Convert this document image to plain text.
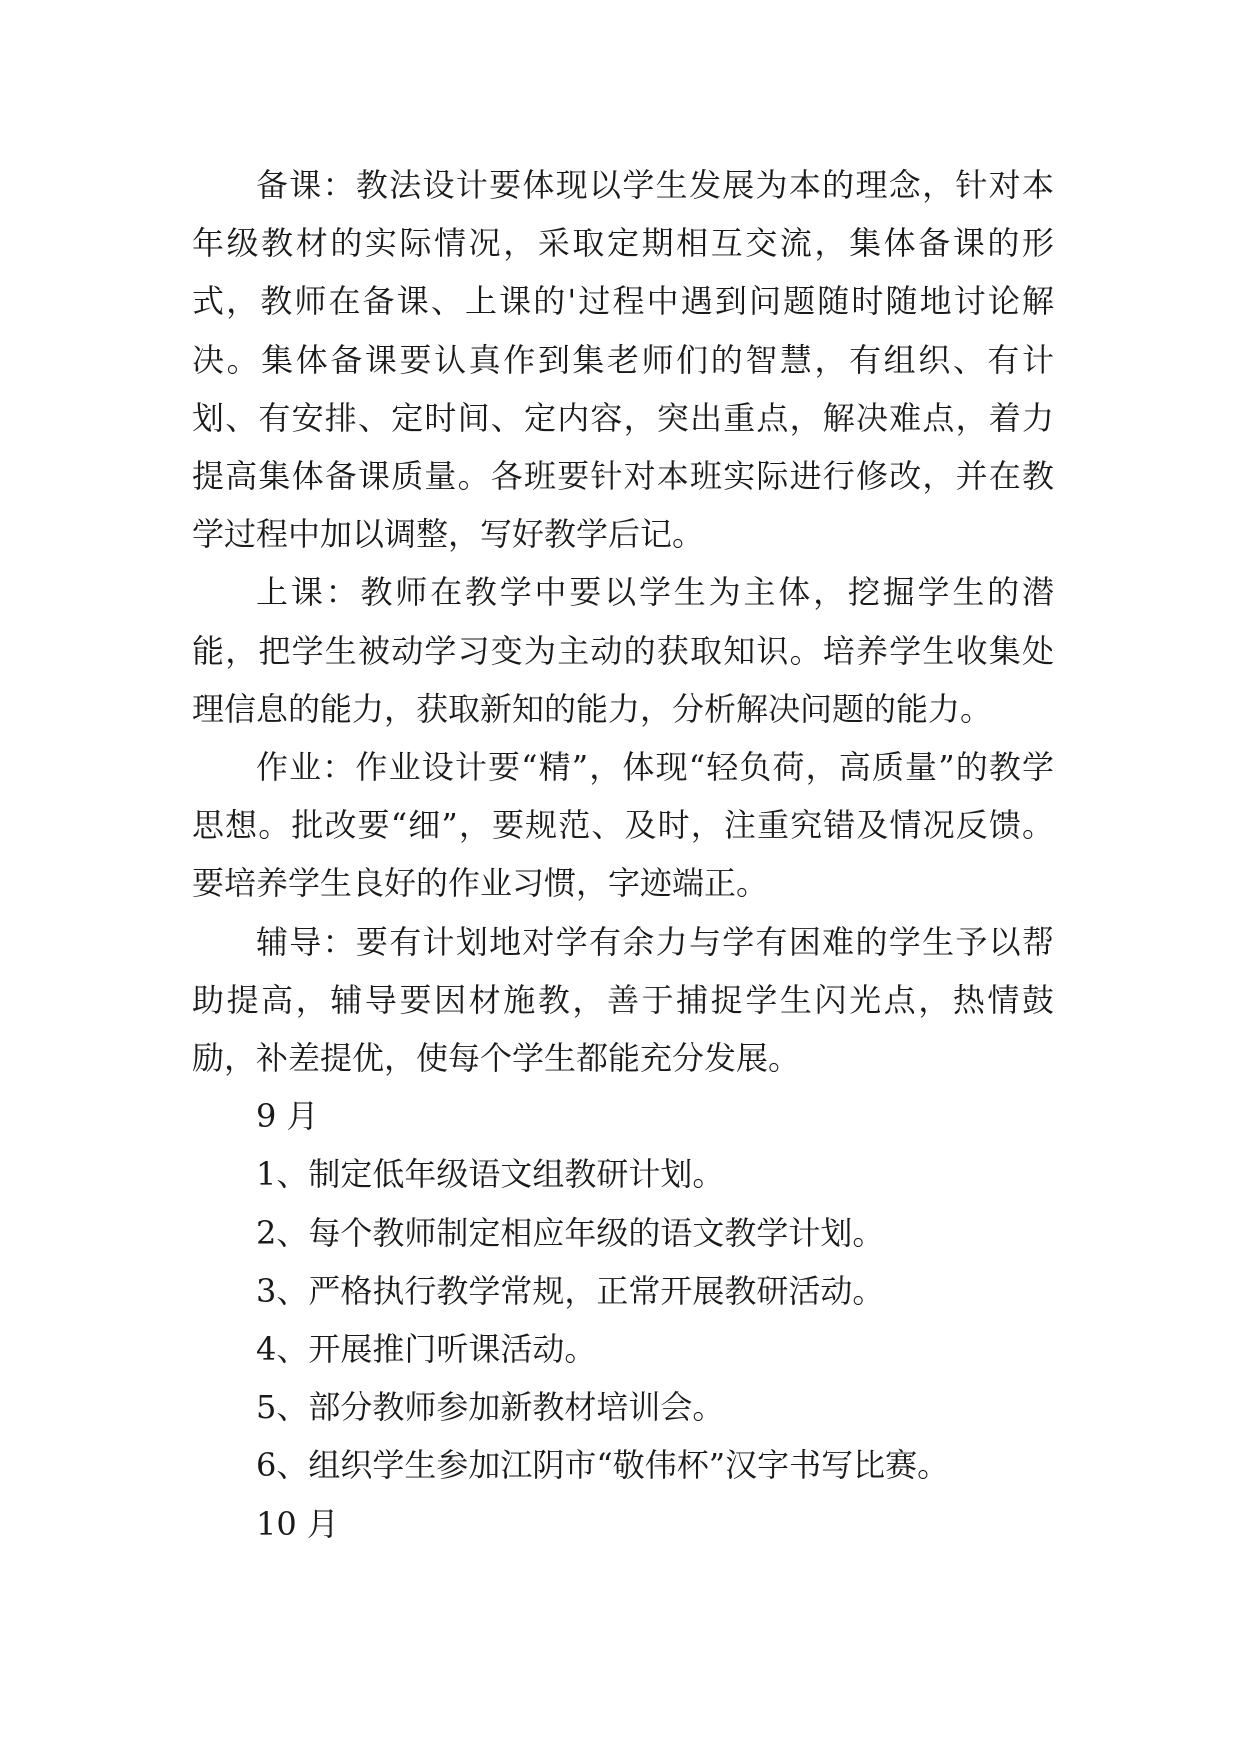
备课：教法设计要体现以学生发展为本的理念，针对本年级教材的实际情况，采取定期相互交流，集体备课的形式，教师在备课、上课的'过程中遇到问题随时随地讨论解决。集体备课要认真作到集老师们的智慧，有组织、有计划、有安排、定时间、定内容，突出重点，解决难点，着力提高集体备课质量。各班要针对本班实际进行修改，并在教学过程中加以调整，写好教学后记。

上课：教师在教学中要以学生为主体，挖掘学生的潜能，把学生被动学习变为主动的获取知识。培养学生收集处理信息的能力，获取新知的能力，分析解决问题的能力。

作业：作业设计要“精”，体现“轻负荷，高质量”的教学思想。批改要“细”，要规范、及时，注重究错及情况反馈。要培养学生良好的作业习惯，字迹端正。

辅导：要有计划地对学有余力与学有困难的学生予以帮助提高，辅导要因材施教，善于捕捉学生闪光点，热情鼓励，补差提优，使每个学生都能充分发展。

9 月

1、制定低年级语文组教研计划。

2、每个教师制定相应年级的语文教学计划。

3、严格执行教学常规，正常开展教研活动。

4、开展推门听课活动。

5、部分教师参加新教材培训会。

6、组织学生参加江阴市“敬伟杯”汉字书写比赛。

10 月
